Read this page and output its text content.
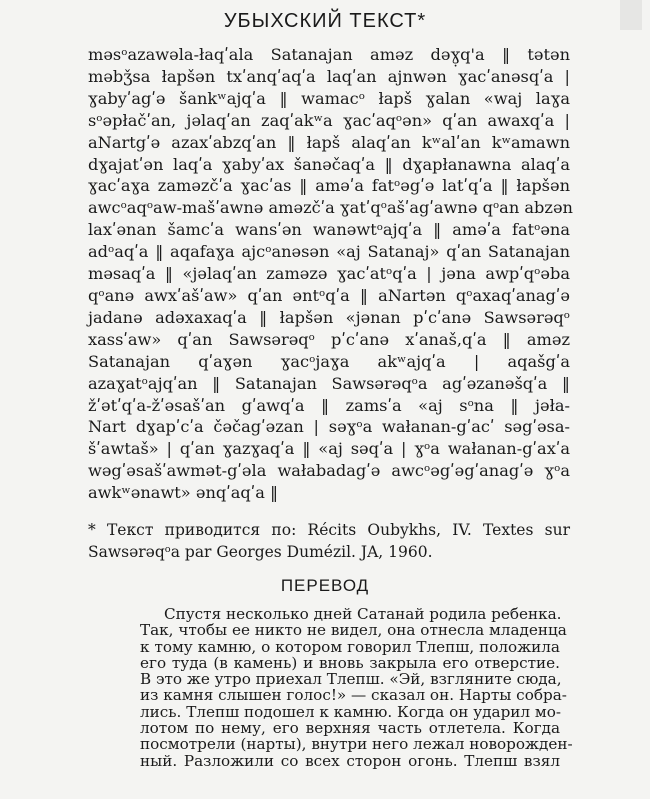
УБЫХСКИЙ ТЕКСТ*
məsᵒazawəla-łaqʹala Satanajan aməz dəɣ̣q'a ‖ tətən
məbǯsa łapšən txʹanqʹaqʹa laqʹan ajnwən ɣacʹanəsqʹa |
ɣabyʹagʹə šankʷajqʹa ‖ wamacᵒ łapš ɣalan «waj laɣa
sᵒəpłačʹan, jəlaqʹan zaqʹakʷa ɣacʹaqᵒən» qʹan awaxqʹa |
aNartgʹə azaxʹabzqʹan ‖ łapš alaqʹan kʷalʹan kʷamawn
dɣajatʹən laqʹa ɣabyʹax šanəčaqʹa ‖ dɣapłanawna alaqʹa
ɣacʹaɣa zaməzčʹa ɣacʹas ‖ aməʹa fatᵒəgʹə latʹqʹa ‖ łapšən
awcᵒaqᵒaw-mašʹawnə aməzčʹa ɣatʹqᵒašʹagʹawnə qᵒan abzən
laxʹənan šamcʹa wansʹən wanəwtᵒajqʹa ‖ aməʹa fatᵒəna
adᵒaqʹa ‖ aqafaɣa ajcᵒanəsən «aj Satanaj» qʹan Satanajan
məsaqʹa ‖ «jəlaqʹan zaməzə ɣacʹatᵒqʹa | jəna awpʹqᵒəba
qᵒanə awxʹašʹaw» qʹan əntᵒqʹa ‖ aNartən qᵒaxaqʹanagʹə
jadanə adəxaxaqʹa ‖ łapšən «jənan pʹcʹanə Sawsərəqᵒ
xassʹaw» qʹan Sawsərəqᵒ pʹcʹanə xʹanaš,qʹa ‖ aməz
Satanajan qʹaɣən ɣacᵒjaɣa akʷajqʹa | aqašgʹa
azaɣatᵒajqʹan ‖ Satanajan Sawsərəqᵒa agʹəzanəšqʹa ‖
žʹətʹqʹa-žʹəsašʹan gʹawqʹa ‖ zamsʹa «aj sᵒna ‖ jəła-
Nart dɣapʹcʹa čəčagʹəzan | səɣᵒa wałanan-gʹacʹ səgʹəsa-
šʹawtaš» | qʹan ɣazɣaqʹa ‖ «aj səqʹa | ɣᵒa wałanan-gʹaxʹa
wəgʹəsašʹawmət-gʹəla wałabadagʹə awcᵒəgʹəgʹanagʹə ɣᵒa
awkʷənawt» ənqʹaqʹa ‖
* Текст приводится по: Récits Oubykhs, IV. Textes sur
Sawsərəqᵒa par Georges Dumézil. JA, 1960.
ПЕРЕВОД
Спустя несколько дней Сатанай родила ребенка.
Так, чтобы ее никто не видел, она отнесла младенца
к тому камню, о котором говорил Тлепш, положила
его туда (в камень) и вновь закрыла его отверстие.
В это же утро приехал Тлепш. «Эй, взгляните сюда,
из камня слышен голос!» — сказал он. Нарты собра-
лись. Тлепш подошел к камню. Когда он ударил мо-
лотом по нему, его верхняя часть отлетела. Когда
посмотрели (нарты), внутри него лежал новорожден-
ный. Разложили со всех сторон огонь. Тлепш взял
